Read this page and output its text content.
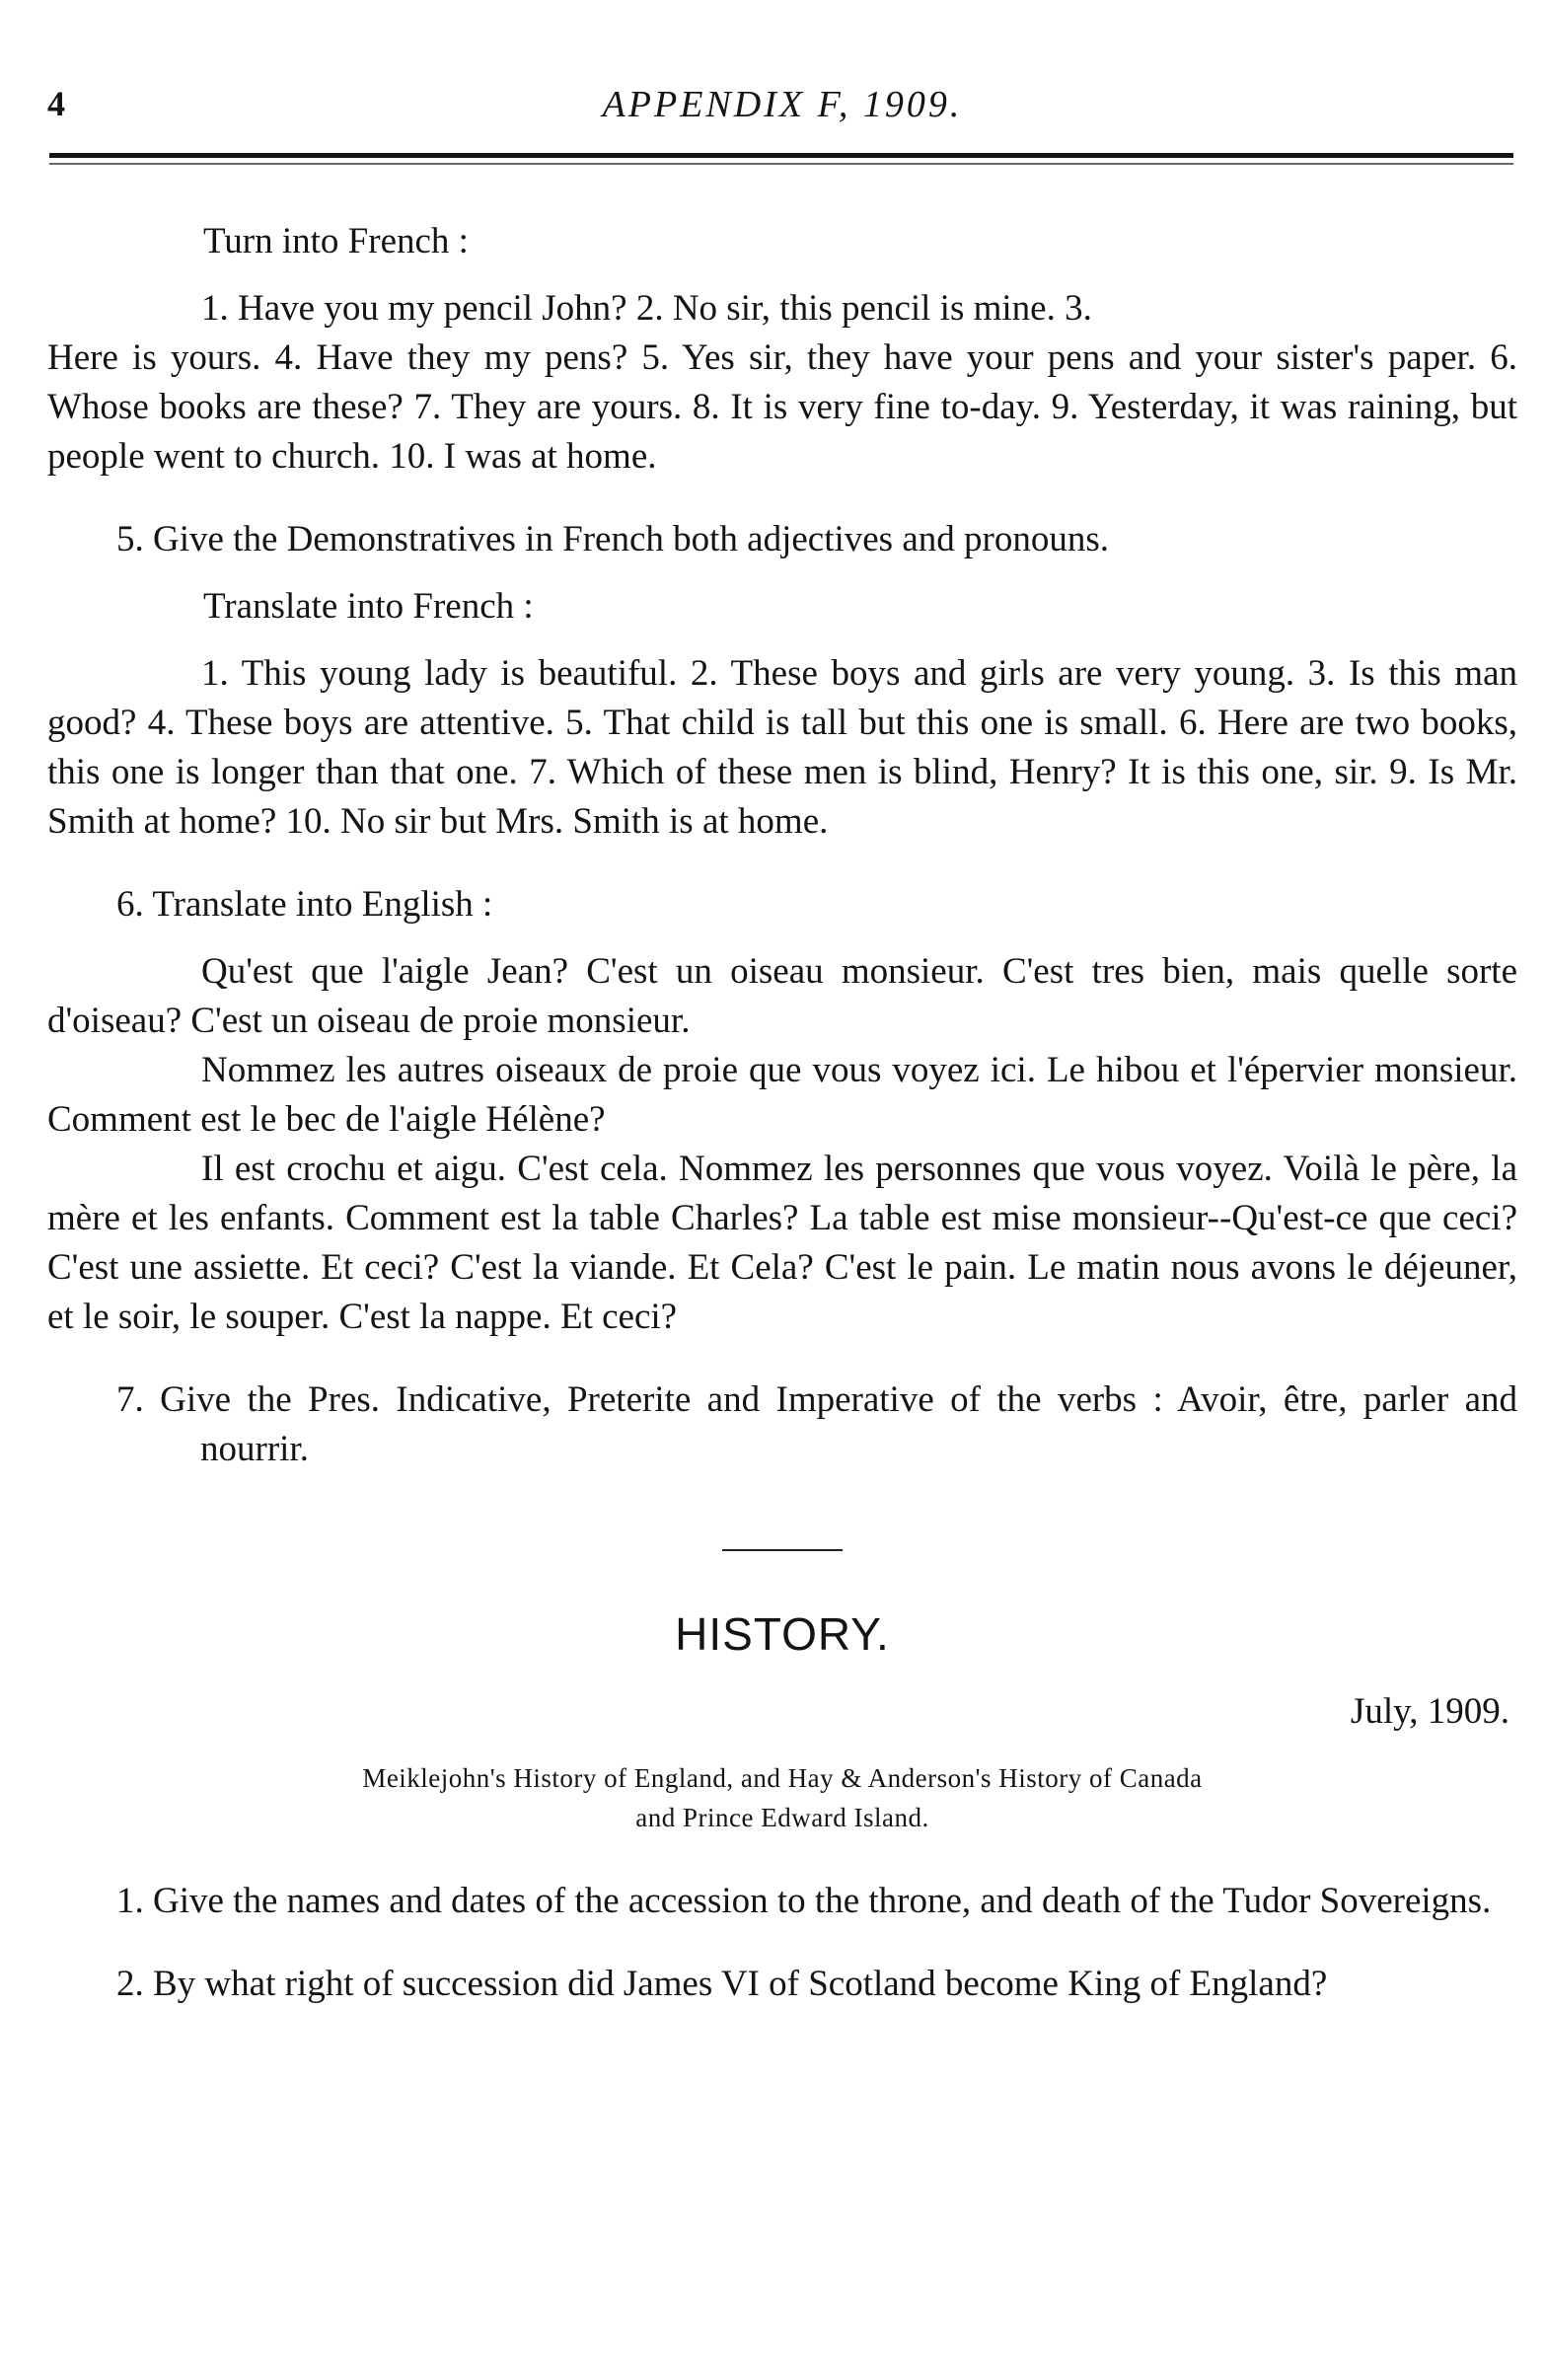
4	APPENDIX F, 1909.

Turn into French :

1. Have you my pencil John? 2. No sir, this pencil is mine. 3.

Here is yours. 4. Have they my pens? 5. Yes sir, they have your pens and your sister's paper. 6. Whose books are these? 7. They are yours. 8. It is very fine to-day. 9. Yesterday, it was raining, but people went to church. 10. I was at home.

5. Give the Demonstratives in French both adjectives and pronouns.

Translate into French :

1. This young lady is beautiful. 2. These boys and girls are very young. 3. Is this man good? 4. These boys are attentive. 5. That child is tall but this one is small. 6. Here are two books, this one is longer than that one. 7. Which of these men is blind, Henry? It is this one, sir. 9. Is Mr. Smith at home? 10. No sir but Mrs. Smith is at home.

6. Translate into English :

Qu'est que l'aigle Jean? C'est un oiseau monsieur. C'est tres bien, mais quelle sorte d'oiseau? C'est un oiseau de proie monsieur.

Nommez les autres oiseaux de proie que vous voyez ici. Le hibou et l'épervier monsieur. Comment est le bec de l'aigle Hélène?

Il est crochu et aigu. C'est cela. Nommez les personnes que vous voyez. Voilà le père, la mère et les enfants. Comment est la table Charles? La table est mise monsieur--Qu'est-ce que ceci? C'est une assiette. Et ceci? C'est la viande. Et Cela? C'est le pain. Le matin nous avons le déjeuner, et le soir, le souper. C'est la nappe. Et ceci?

7. Give the Pres. Indicative, Preterite and Imperative of the verbs : Avoir, être, parler and nourrir.

HISTORY.

July, 1909.

Meiklejohn's History of England, and Hay & Anderson's History of Canada
and Prince Edward Island.

1. Give the names and dates of the accession to the throne, and death of the Tudor Sovereigns.

2. By what right of succession did James VI of Scotland become King of England?
